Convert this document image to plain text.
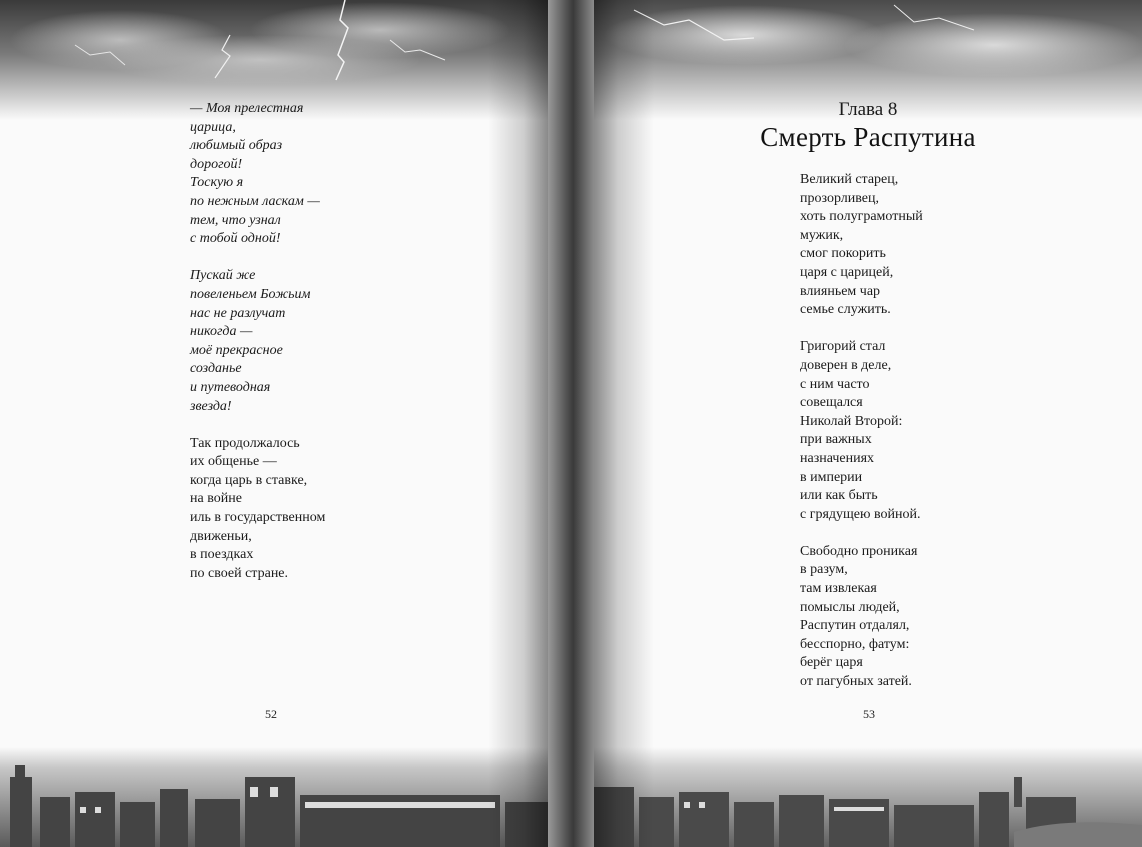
— Моя прелестная
царица,
любимый образ
дорогой!
Тоскую я
по нежным ласкам —
тем, что узнал
с тобой одной!
Пускай же
повеленьем Божьим
нас не разлучат
никогда —
моё прекрасное
созданье
и путеводная
звезда!
Так продолжалось
их общенье —
когда царь в ставке,
на войне
иль в государственном
движеньи,
в поездках
по своей стране.
52
Глава 8
Смерть Распутина
Великий старец,
прозорливец,
хоть полуграмотный
мужик,
смог покорить
царя с царицей,
влияньем чар
семье служить.
Григорий стал
доверен в деле,
с ним часто
совещался
Николай Второй:
при важных
назначениях
в империи
или как быть
с грядущею войной.
Свободно проникая
в разум,
там извлекая
помыслы людей,
Распутин отдалял,
бесспорно, фатум:
берёг царя
от пагубных затей.
53
